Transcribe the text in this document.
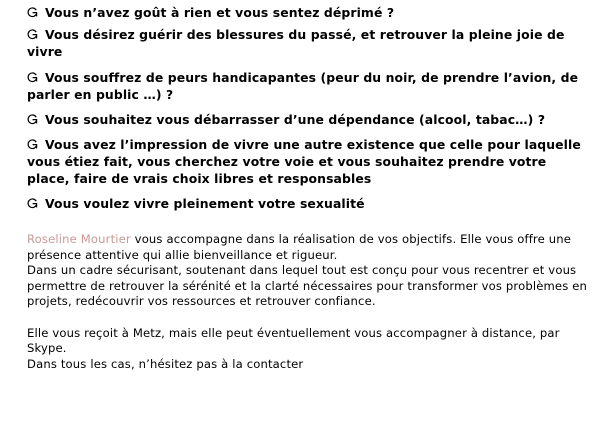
Vous n’avez goût à rien et vous sentez déprimé ?
Vous désirez guérir des blessures du passé, et retrouver la pleine joie de vivre
Vous souffrez de peurs handicapantes (peur du noir, de prendre l’avion, de parler en public …) ?
Vous souhaitez vous débarrasser d’une dépendance (alcool, tabac…) ?
Vous avez l’impression de vivre une autre existence que celle pour laquelle vous étiez fait, vous cherchez votre voie et vous souhaitez prendre votre place, faire de vrais choix libres et responsables
Vous voulez vivre pleinement votre sexualité

Roseline Mourtier vous accompagne dans la réalisation de vos objectifs. Elle vous offre une présence attentive qui allie bienveillance et rigueur.

Dans un cadre sécurisant, soutenant dans lequel tout est conçu pour vous recentrer et vous permettre de retrouver la sérénité et la clarté nécessaires pour transformer vos problèmes en projets, redécouvrir vos ressources et retrouver confiance.

Elle vous reçoit à Metz, mais elle peut éventuellement vous accompagner à distance, par Skype.

Dans tous les cas, n’hésitez pas à la contacter
